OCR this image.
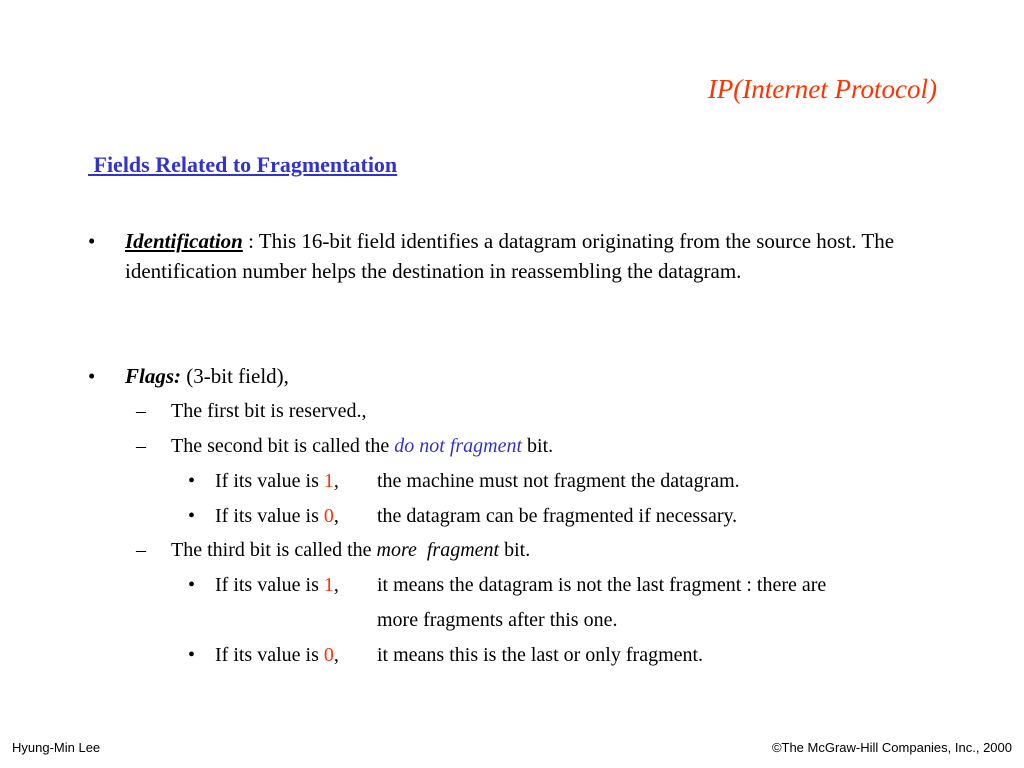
IP(Internet Protocol)
Fields Related to Fragmentation
• Identification : This 16-bit field identifies a datagram originating from the source host. The identification number helps the destination in reassembling the datagram.
• Flags: (3-bit field),
– The first bit is reserved.,
– The second bit is called the do not fragment bit.
• If its value is 1, the machine must not fragment the datagram.
• If its value is 0, the datagram can be fragmented if necessary.
– The third bit is called the more  fragment bit.
• If its value is 1, it means the datagram is not the last fragment : there are
more fragments after this one.
• If its value is 0, it means this is the last or only fragment.
Hyung-Min Lee	©The McGraw-Hill Companies, Inc., 2000
